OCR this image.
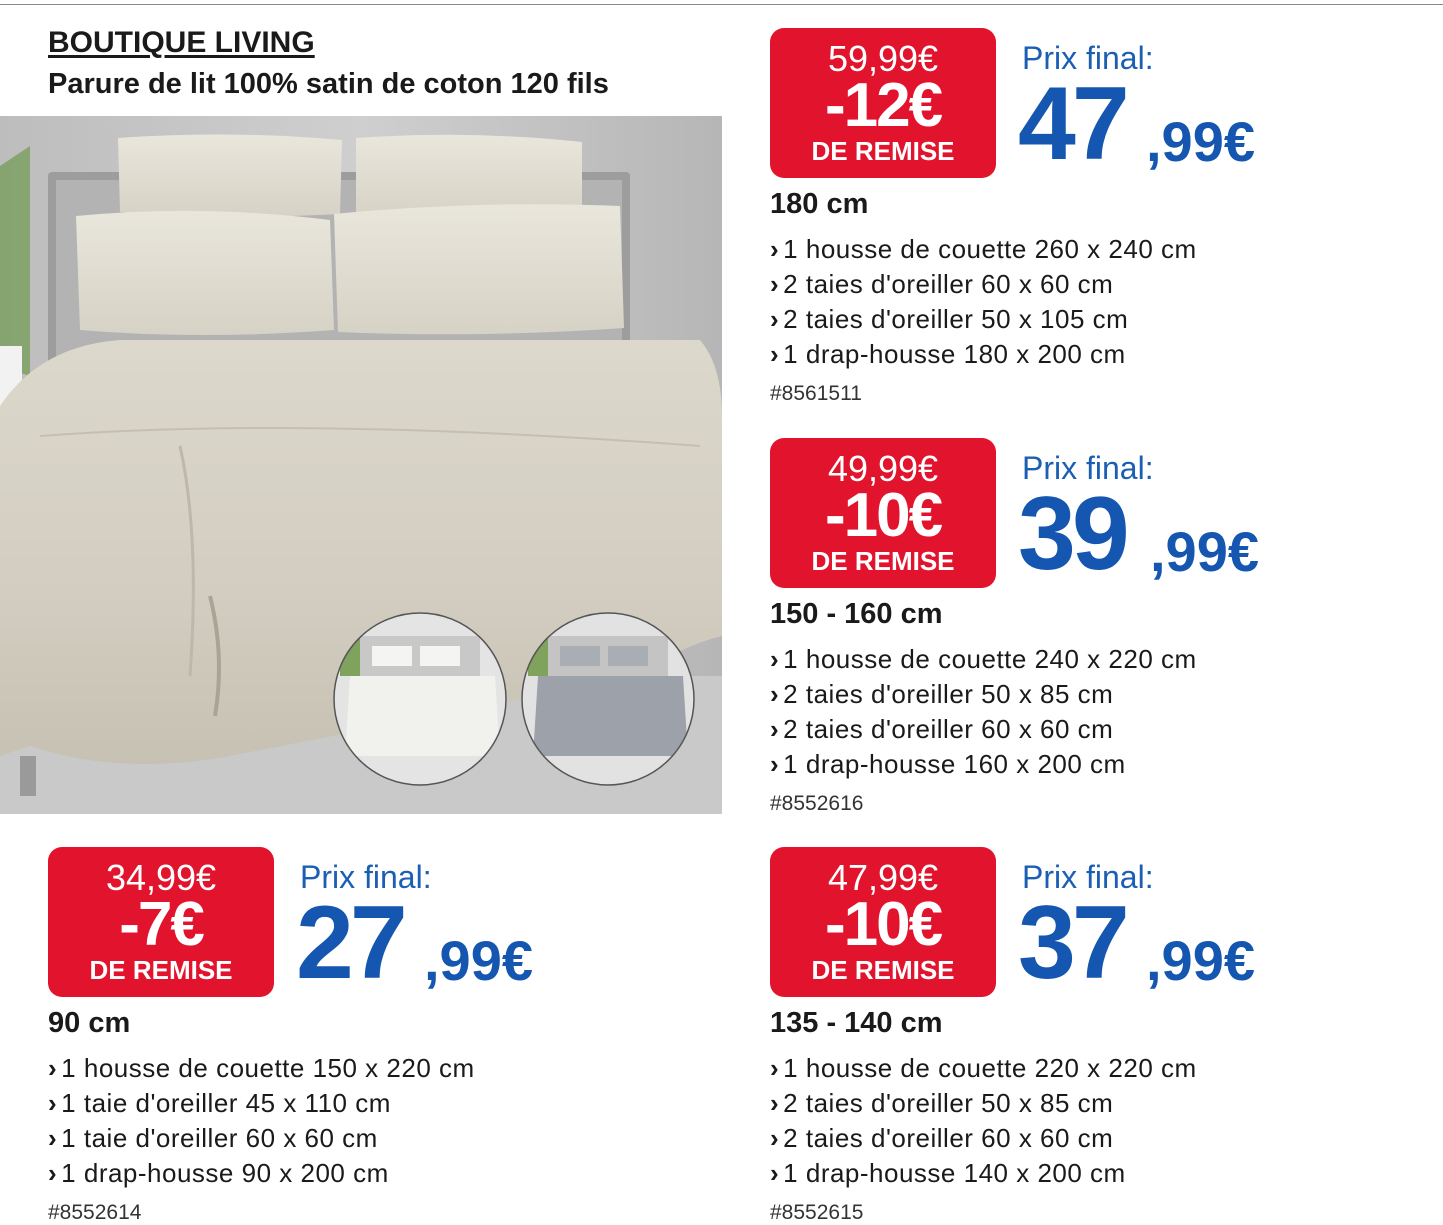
BOUTIQUE LIVING
Parure de lit 100% satin de coton 120 fils
59,99€
-12€
DE REMISE
Prix final:
47 ,99€
180 cm
› 1 housse de couette 260 x 240 cm
› 2 taies d'oreiller 60 x 60 cm
› 2 taies d'oreiller 50 x 105 cm
› 1 drap-housse 180 x 200 cm
#8561511
49,99€
-10€
DE REMISE
Prix final:
39 ,99€
150 - 160 cm
› 1 housse de couette 240 x 220 cm
› 2 taies d'oreiller 50 x 85 cm
› 2 taies d'oreiller 60 x 60 cm
› 1 drap-housse 160 x 200 cm
#8552616
34,99€
-7€
DE REMISE
Prix final:
27 ,99€
90 cm
› 1 housse de couette 150 x 220 cm
› 1 taie d'oreiller 45 x 110 cm
› 1 taie d'oreiller 60 x 60 cm
› 1 drap-housse 90 x 200 cm
#8552614
47,99€
-10€
DE REMISE
Prix final:
37 ,99€
135 - 140 cm
› 1 housse de couette 220 x 220 cm
› 2 taies d'oreiller 50 x 85 cm
› 2 taies d'oreiller 60 x 60 cm
› 1 drap-housse 140 x 200 cm
#8552615
